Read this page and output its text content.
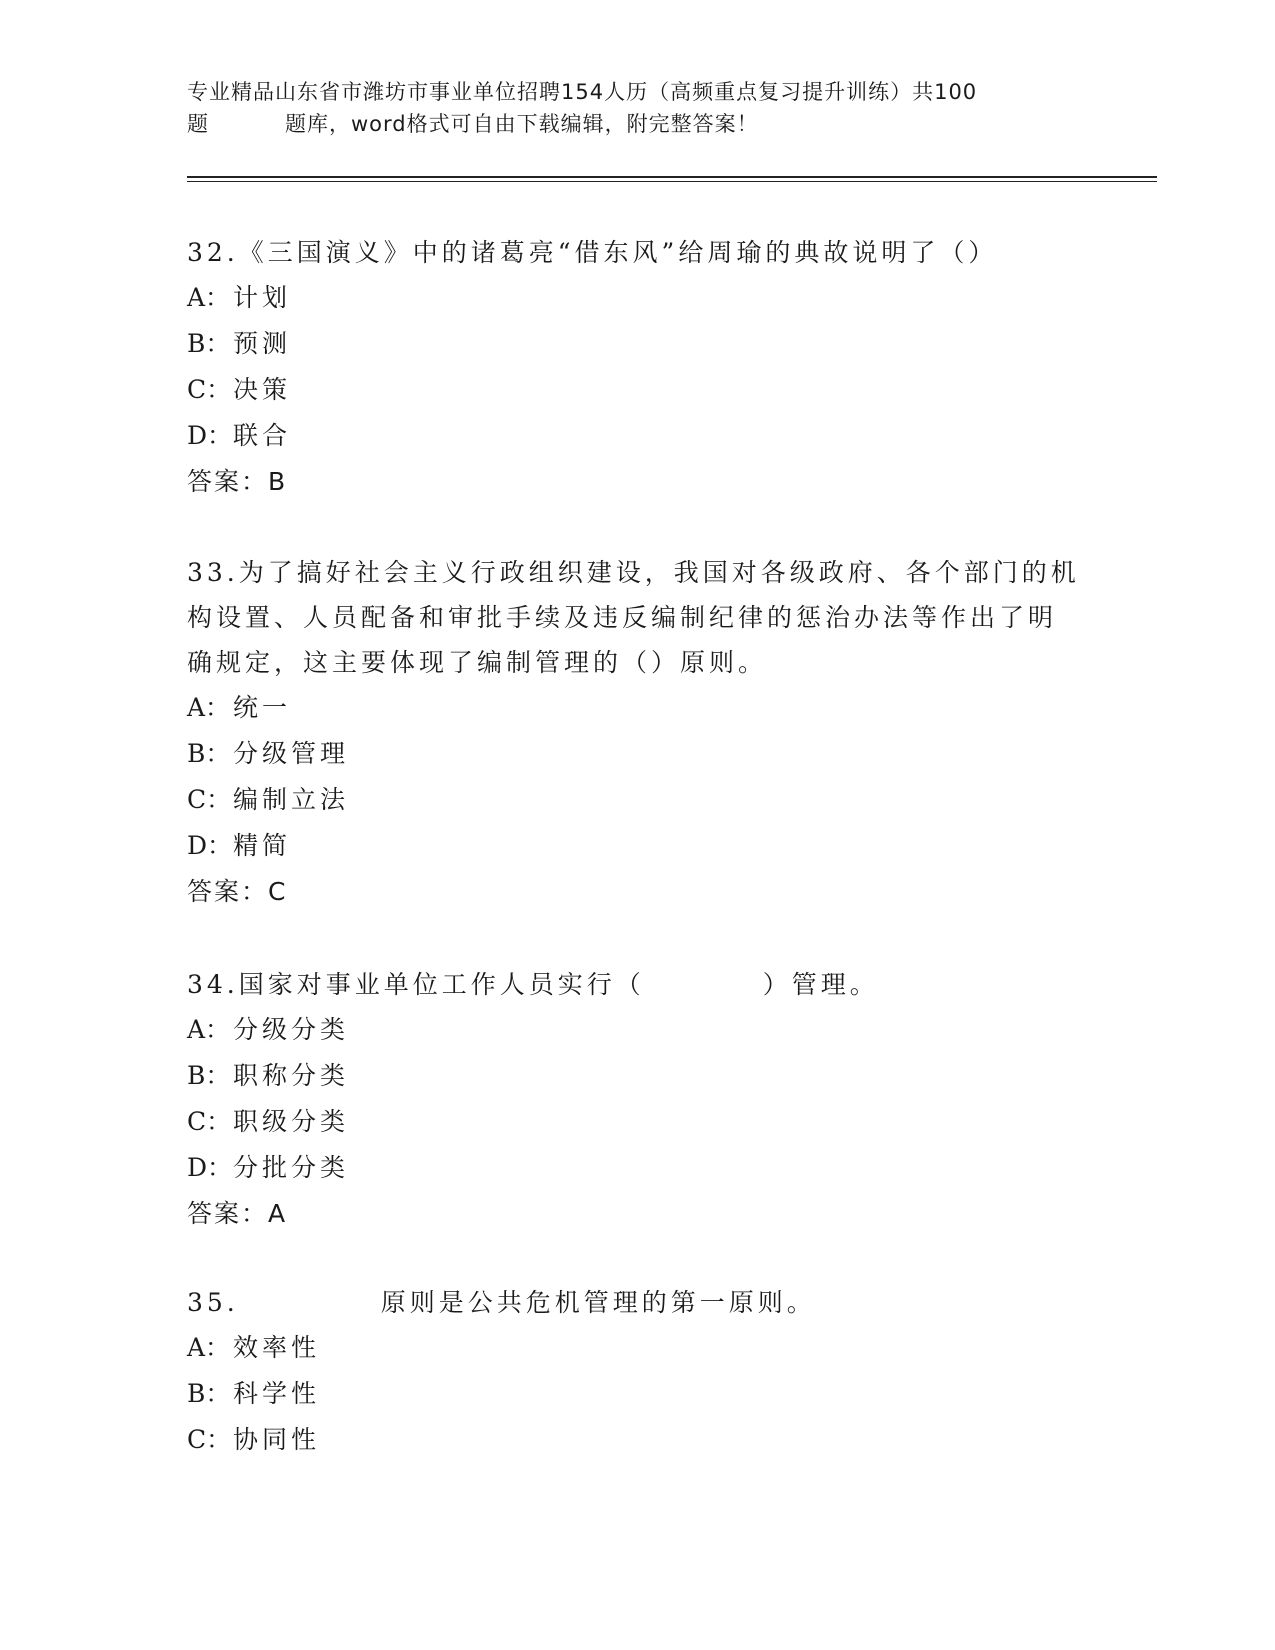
专业精品山东省市潍坊市事业单位招聘154人历（高频重点复习提升训练）共100
题	题库，word格式可自由下载编辑，附完整答案！
32.《三国演义》中的诸葛亮“借东风”给周瑜的典故说明了（）
A： 计划
B： 预测
C：决策
D：联合
答案：B
33.为了搞好社会主义行政组织建设，我国对各级政府、各个部门的机
构设置、人员配备和审批手续及违反编制纪律的惩治办法等作出了明
确规定，这主要体现了编制管理的（）原则。
A： 统一
B： 分级管理
C：编制立法
D：精简
答案：C
34.国家对事业单位工作人员实行（	）管理。
A： 分级分类
B： 职称分类
C：职级分类
D：分批分类
答案：A
35.	原则是公共危机管理的第一原则。
A： 效率性
B： 科学性
C：协同性
